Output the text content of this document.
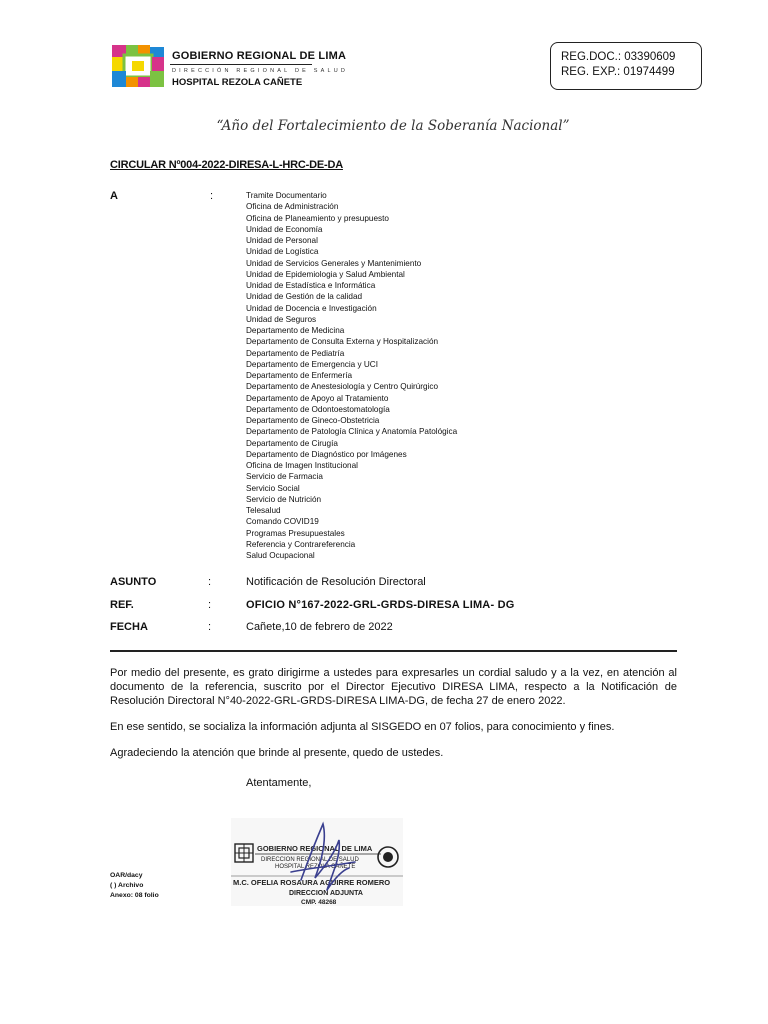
GOBIERNO REGIONAL DE LIMA
DIRECCIÓN REGIONAL DE SALUD
HOSPITAL REZOLA CAÑETE
REG.DOC.: 03390609
REG. EXP.: 01974499
“Año del Fortalecimiento de la Soberanía Nacional”
CIRCULAR Nº004-2022-DIRESA-L-HRC-DE-DA
A	:	Tramite Documentario
Oficina de Administración
Oficina de Planeamiento y presupuesto
Unidad de Economía
Unidad de Personal
Unidad de Logística
Unidad de Servicios Generales y Mantenimiento
Unidad de Epidemiologia y Salud Ambiental
Unidad de Estadística e Informática
Unidad de Gestión de la calidad
Unidad de Docencia e Investigación
Unidad de Seguros
Departamento de Medicina
Departamento de Consulta Externa y Hospitalización
Departamento de Pediatría
Departamento de Emergencia y UCI
Departamento de Enfermería
Departamento de Anestesiología y Centro Quirúrgico
Departamento de Apoyo al Tratamiento
Departamento de Odontoestomatología
Departamento de Gineco-Obstetricia
Departamento de Patología Clínica y Anatomía Patológica
Departamento de Cirugía
Departamento de Diagnóstico por Imágenes
Oficina de Imagen Institucional
Servicio de Farmacia
Servicio Social
Servicio de Nutrición
Telesalud
Comando COVID19
Programas Presupuestales
Referencia y Contrareferencia
Salud Ocupacional
ASUNTO	:	Notificación de Resolución Directoral
REF.	:	OFICIO N°167-2022-GRL-GRDS-DIRESA LIMA- DG
FECHA	:	Cañete,10 de febrero de 2022

Por medio del presente, es grato dirigirme a ustedes para expresarles un cordial saludo y a la vez, en atención al documento de la referencia, suscrito por el Director Ejecutivo DIRESA LIMA, respecto a la Notificación de Resolución Directoral N°40-2022-GRL-GRDS-DIRESA LIMA-DG, de fecha 27 de enero 2022.

En ese sentido, se socializa la información adjunta al SISGEDO en 07 folios, para conocimiento y fines.

Agradeciendo la atención que brinde al presente, quedo de ustedes.

Atentamente,
GOBIERNO REGIONAL DE LIMA
DIRECCION REGIONAL DE SALUD
HOSPITAL REZOLA CAÑETE
M.C. OFELIA ROSAURA AGUIRRE ROMERO
DIRECCION ADJUNTA
CMP. 48268
OAR/dacy
( ) Archivo
Anexo: 08 folio
